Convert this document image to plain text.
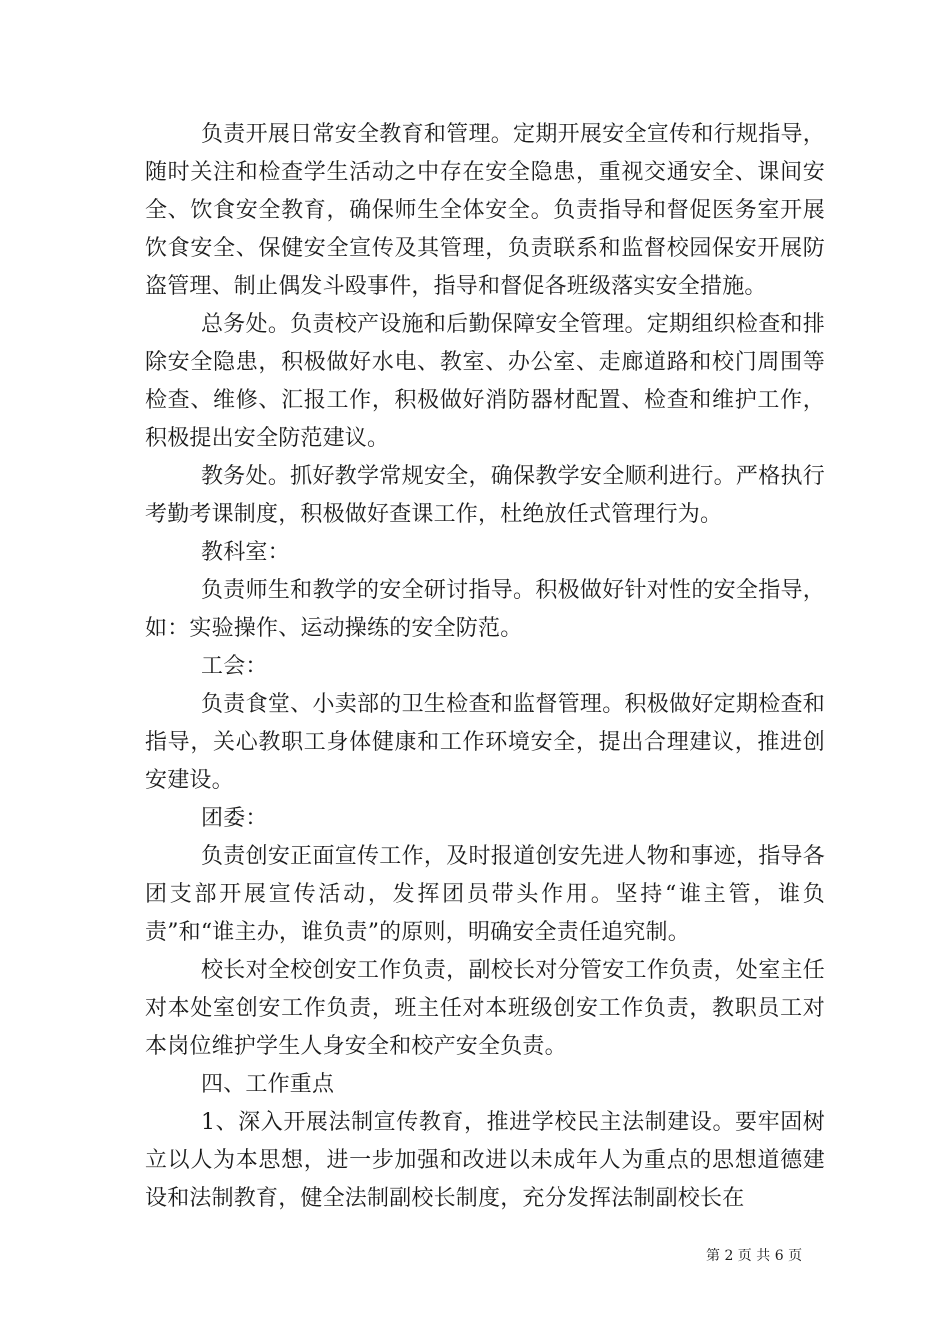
负责开展日常安全教育和管理。定期开展安全宣传和行规指导，随时关注和检查学生活动之中存在安全隐患，重视交通安全、课间安全、饮食安全教育，确保师生全体安全。负责指导和督促医务室开展饮食安全、保健安全宣传及其管理，负责联系和监督校园保安开展防盗管理、制止偶发斗殴事件，指导和督促各班级落实安全措施。

总务处。负责校产设施和后勤保障安全管理。定期组织检查和排除安全隐患，积极做好水电、教室、办公室、走廊道路和校门周围等检查、维修、汇报工作，积极做好消防器材配置、检查和维护工作，积极提出安全防范建议。

教务处。抓好教学常规安全，确保教学安全顺利进行。严格执行考勤考课制度，积极做好查课工作，杜绝放任式管理行为。

教科室：

负责师生和教学的安全研讨指导。积极做好针对性的安全指导，如：实验操作、运动操练的安全防范。

工会：

负责食堂、小卖部的卫生检查和监督管理。积极做好定期检查和指导，关心教职工身体健康和工作环境安全，提出合理建议，推进创安建设。

团委：

负责创安正面宣传工作，及时报道创安先进人物和事迹，指导各团支部开展宣传活动，发挥团员带头作用。坚持“谁主管，谁负责”和“谁主办，谁负责”的原则，明确安全责任追究制。

校长对全校创安工作负责，副校长对分管安工作负责，处室主任对本处室创安工作负责，班主任对本班级创安工作负责，教职员工对本岗位维护学生人身安全和校产安全负责。

四、工作重点

1、深入开展法制宣传教育，推进学校民主法制建设。要牢固树立以人为本思想，进一步加强和改进以未成年人为重点的思想道德建设和法制教育，健全法制副校长制度，充分发挥法制副校长在

第 2 页 共 6 页
